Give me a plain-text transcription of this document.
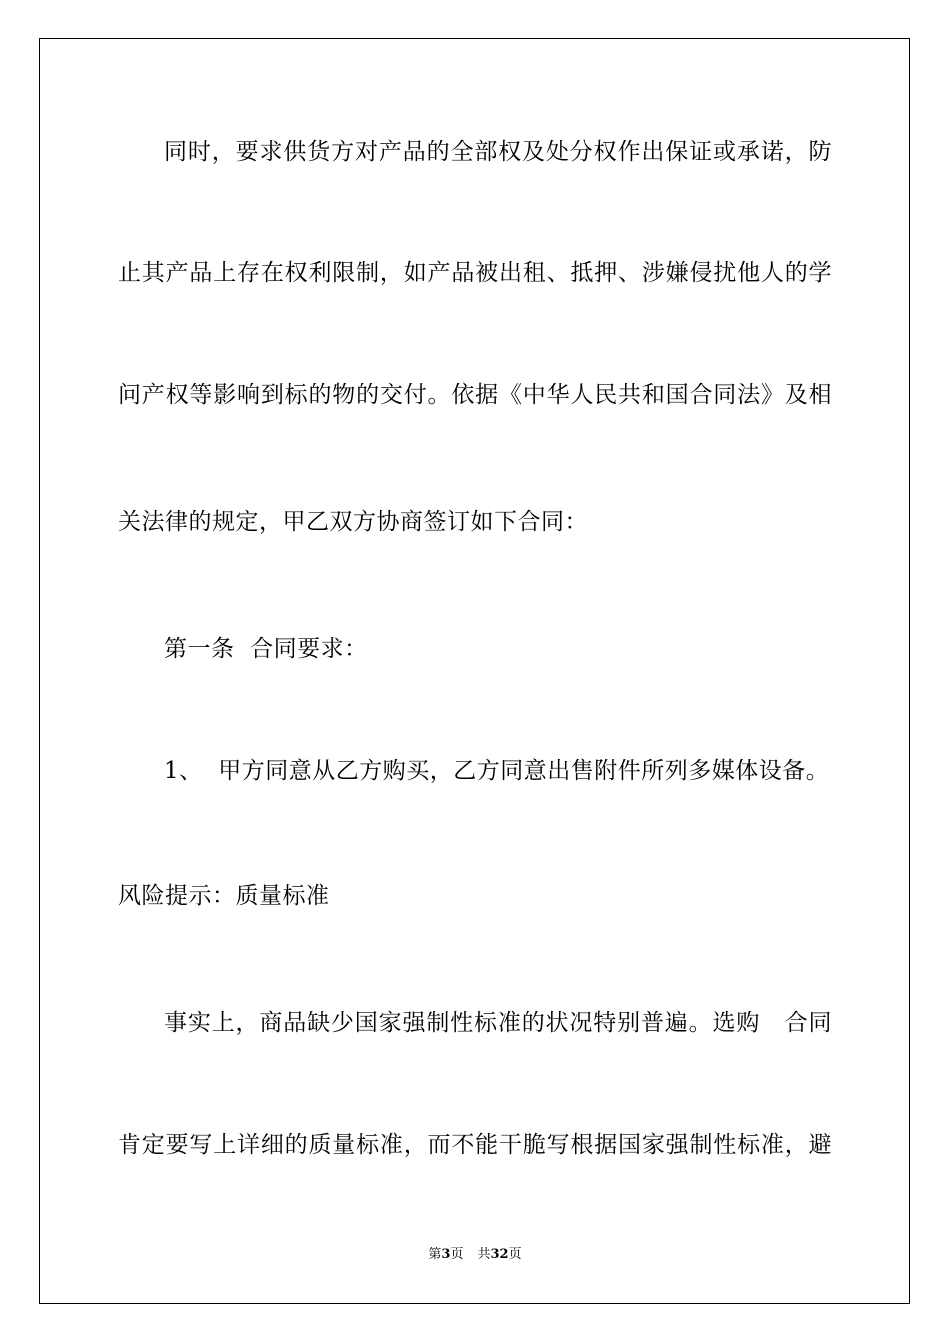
同时，要求供货方对产品的全部权及处分权作出保证或承诺，防
止其产品上存在权利限制，如产品被出租、抵押、涉嫌侵扰他人的学
问产权等影响到标的物的交付。依据《中华人民共和国合同法》及相
关法律的规定，甲乙双方协商签订如下合同：
第一条  合同要求：
1、  甲方同意从乙方购买，乙方同意出售附件所列多媒体设备。
风险提示：质量标准
事实上，商品缺少国家强制性标准的状况特别普遍。选购   合同
肯定要写上详细的质量标准，而不能干脆写根据国家强制性标准，避
第3页 共32页
